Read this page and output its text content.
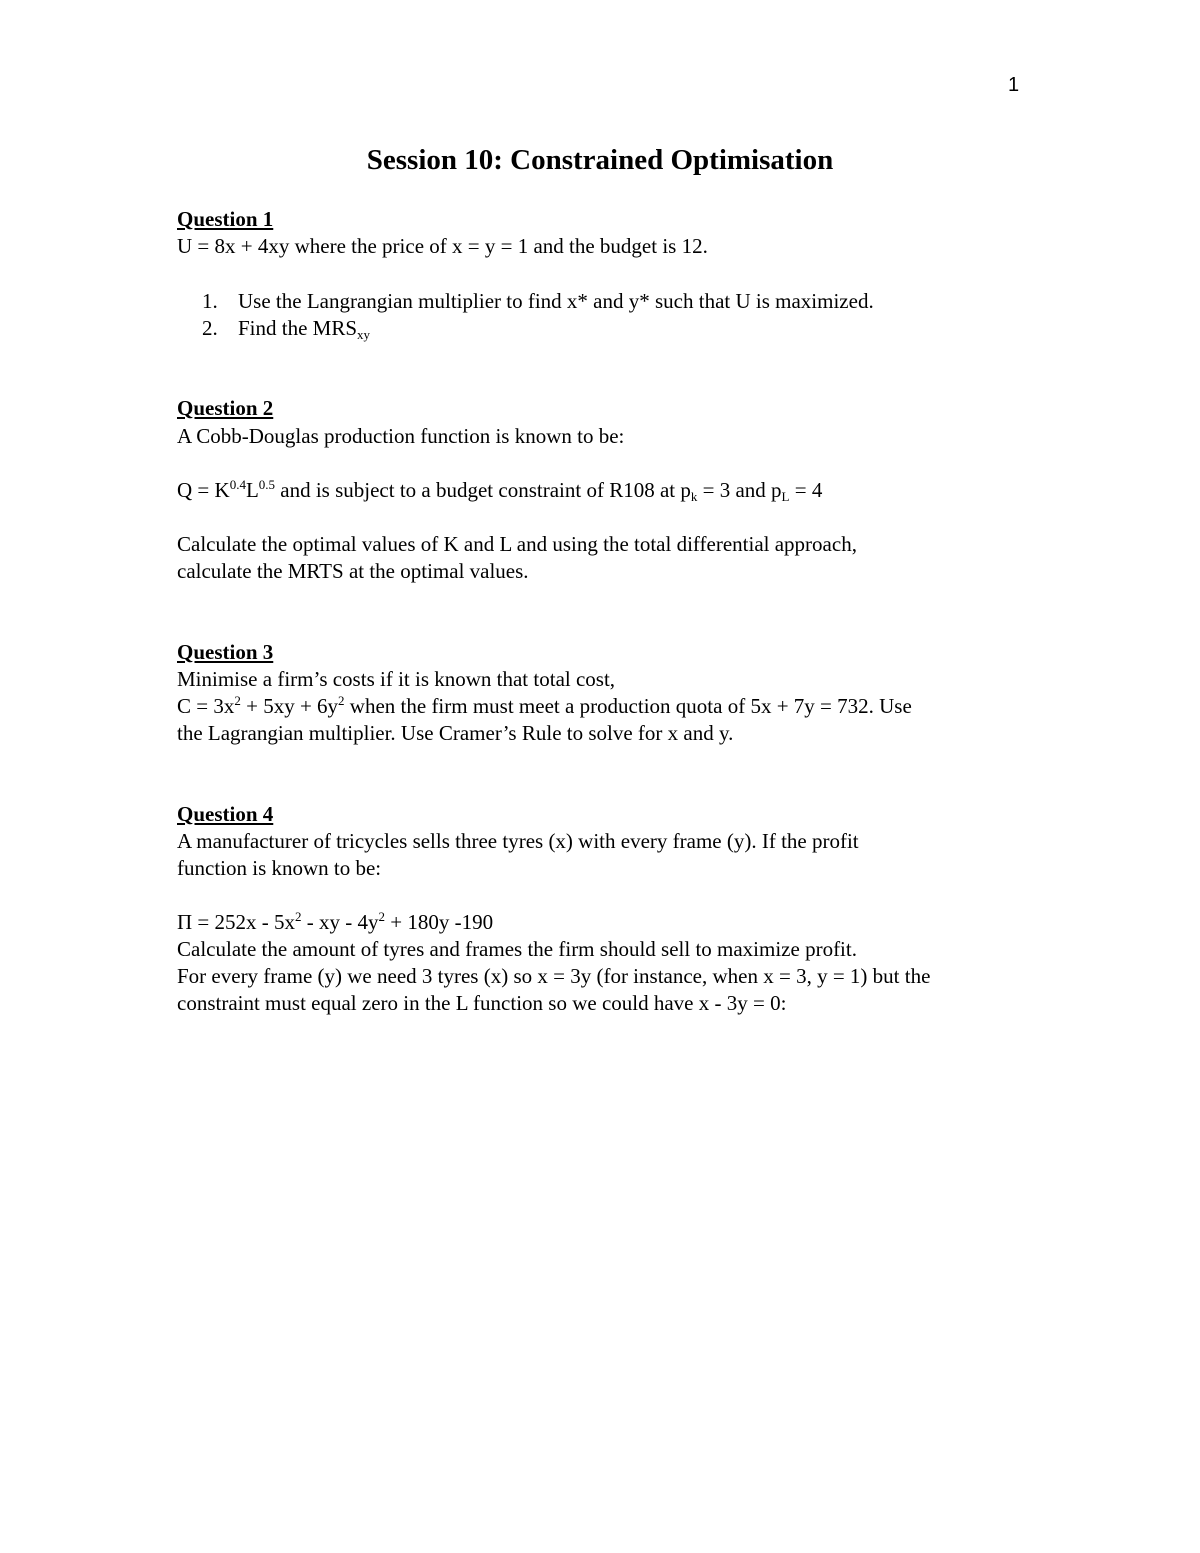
1
Session 10: Constrained Optimisation

Question 1

U = 8x + 4xy where the price of x = y = 1 and the budget is 12.

1. Use the Langrangian multiplier to find x* and y* such that U is maximized.
2. Find the $MRS_{xy}$

Question 2

A Cobb-Douglas production function is known to be:

$Q = K^{0.4}L^{0.5}$ and is subject to a budget constraint of R108 at $p_k = 3$ and $p_L = 4$

Calculate the optimal values of K and L and using the total differential approach,

calculate the MRTS at the optimal values.

Question 3

Minimise a firm’s costs if it is known that total cost,

$C = 3x^2 + 5xy + 6y^2$ when the firm must meet a production quota of 5x + 7y = 732. Use

the Lagrangian multiplier. Use Cramer’s Rule to solve for x and y.

Question 4

A manufacturer of tricycles sells three tyres (x) with every frame (y). If the profit

function is known to be:

$\Pi = 252x - 5x^2$ - xy - $4y^2 + 180y$ -190

Calculate the amount of tyres and frames the firm should sell to maximize profit.

For every frame (y) we need 3 tyres (x) so x = 3y (for instance, when x = 3, y = 1) but the

constraint must equal zero in the L function so we could have x - 3y = 0:
